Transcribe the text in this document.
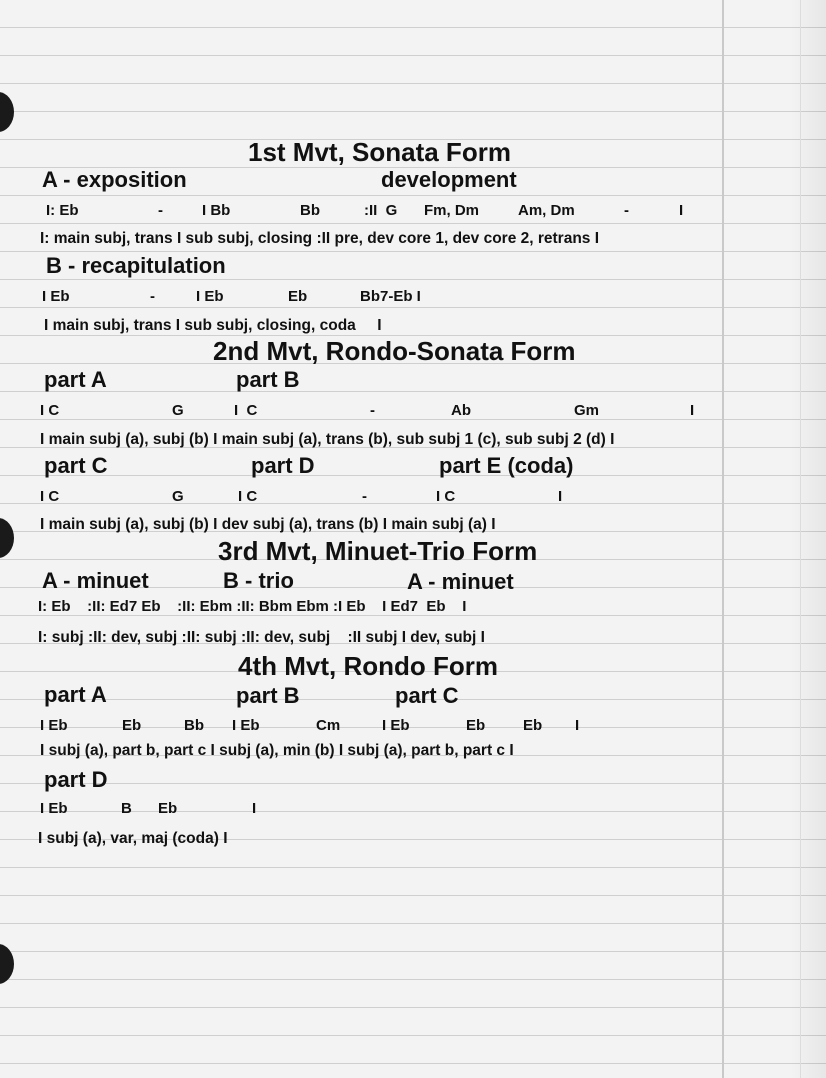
1st Mvt, Sonata Form
A - exposition	development
I: Eb	-	I Bb	Bb	:II  G Fm, Dm	Am, Dm	-	I
I: main subj, trans I sub subj, closing :II pre, dev core 1, dev core 2, retrans I
B - recapitulation
I Eb	-	I Eb	Eb	Bb7-Eb I
I main subj, trans I sub subj, closing, coda     I
2nd Mvt, Rondo-Sonata Form
part A	part B
I C	G	I  C	-	Ab	Gm	I
I main subj (a), subj (b) I main subj (a), trans (b), sub subj 1 (c), sub subj 2 (d) I
part C	part D	part E (coda)
I C	G	I C	-	I C	I
I main subj (a), subj (b) I dev subj (a), trans (b) I main subj (a) I
3rd Mvt, Minuet-Trio Form
A - minuet	B - trio	A - minuet
I: Eb    :II: Ed7 Eb    :II: Ebm :II: Bbm Ebm :I Eb    I Ed7  Eb    I
I: subj :II: dev, subj :II: subj :II: dev, subj    :II subj I dev, subj I
4th Mvt, Rondo Form
part A	part B	part C
I Eb	Eb	Bb I Eb	Cm	I Eb	Eb	Eb I
I subj (a), part b, part c I subj (a), min (b) I subj (a), part b, part c I
part D
I Eb	B Eb	I
I subj (a), var, maj (coda) I
